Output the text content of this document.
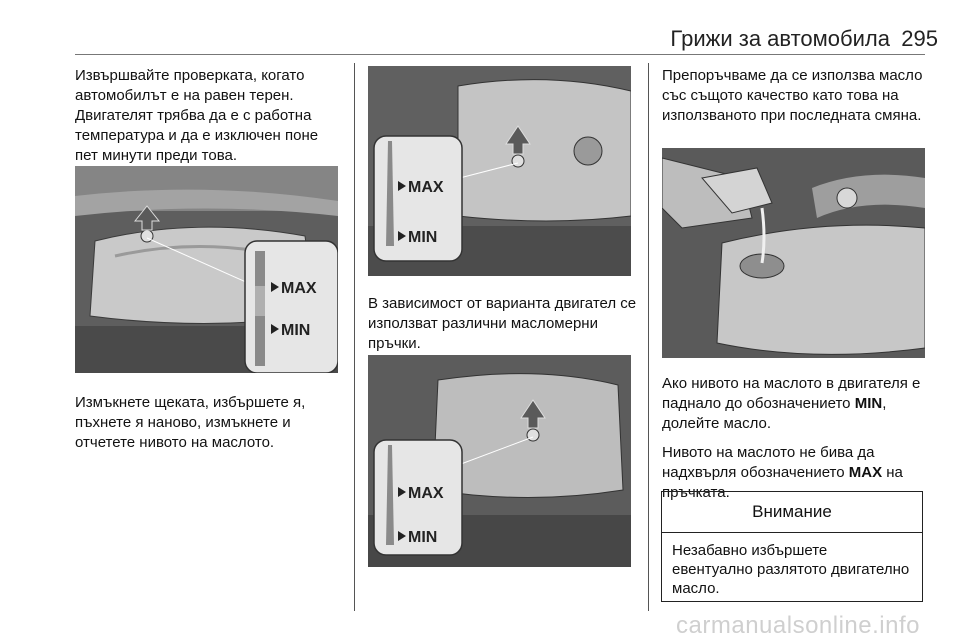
Грижи за автомобила 295

Извършвайте проверката, когато автомобилът е на равен терен. Двигателят трябва да е с работна температура и да е изключен поне пет минути преди това.

MAX
MIN

Измъкнете щеката, избършете я, пъхнете я наново, измъкнете и отчетете нивото на маслото.

MAX
MIN

В зависимост от варианта двигател се използват различни масломерни пръчки.

MAX
MIN

Препоръчваме да се използва масло със същото качество като това на използваното при последната смяна.

Ако нивото на маслото в двигателя е паднало до обозначението MIN, долейте масло.

Нивото на маслото не бива да надхвърля обозначението MAX на пръчката.

Внимание
Незабавно избършете евентуално разлятото двигателно масло.
carmanualsonline.info
